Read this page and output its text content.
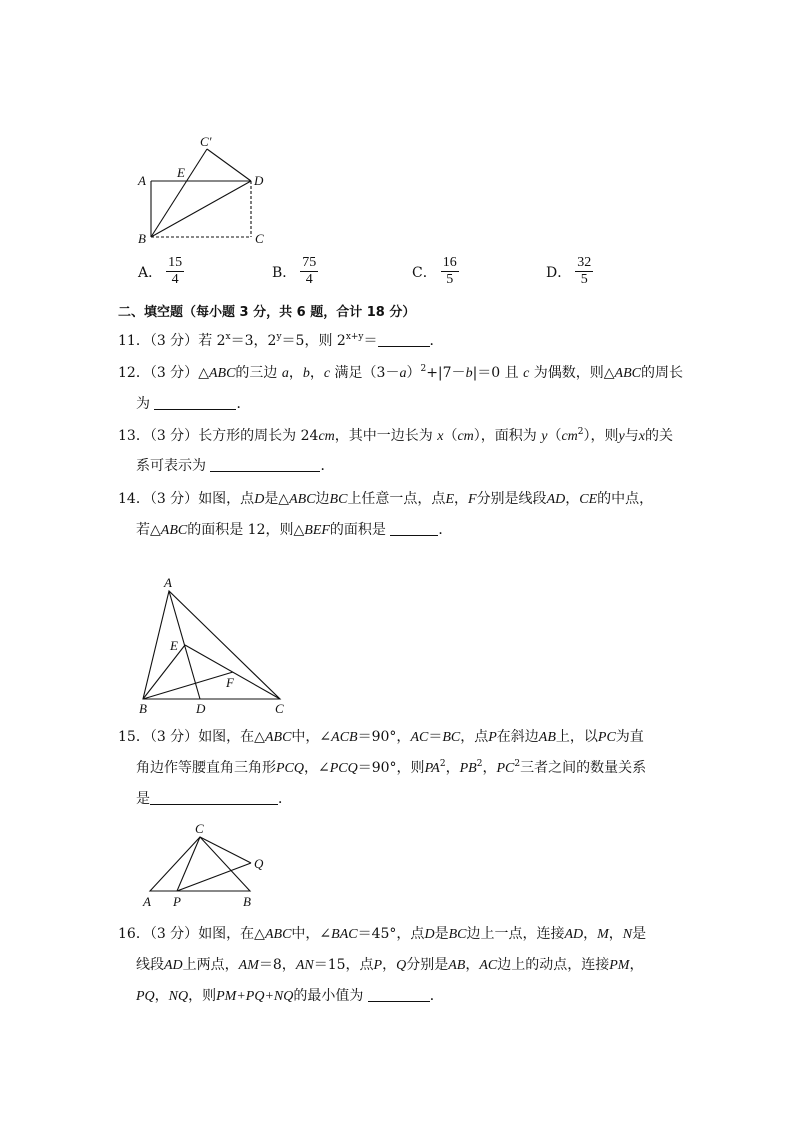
A
E
C′
D
B	C
A． $\frac{15}{4}$	B． $\frac{75}{4}$	C． $\frac{16}{5}$	D． $\frac{32}{5}$
二、填空题（每小题 3 分，共 6 题，合计 18 分）
11．（3 分）若 $2^x=3$，$2^y=5$，则 $2^{x+y}=$	．
12．（3 分）△ABC的三边 a，b，c 满足$(3-a)^2+|7-b|=0$ 且 c 为偶数，则△ABC的周长
为	．
13．（3 分）长方形的周长为 24cm，其中一边长为 x（cm），面积为 $y(cm^2)$，则y与x的关
系可表示为	．
14．（3 分）如图，点D是△ABC边BC上任意一点，点E，F分别是线段AD，CE的中点，
若△ABC的面积是 12，则△BEF的面积是	．
A
E
F
B	D	C
15．（3 分）如图，在△ABC中，∠ACB＝90°，AC＝BC，点P在斜边AB上，以PC为直
角边作等腰直角三角形PCQ，∠PCQ＝90°，则$PA^2$，$PB^2$，$PC^2$三者之间的数量关系
是	．
C
Q
A P	B
16．（3 分）如图，在△ABC中，∠BAC＝45°，点D是BC边上一点，连接AD，M，N是
线段AD上两点，AM＝8，AN＝15，点P，Q分别是AB，AC边上的动点，连接PM，
PQ，NQ，则PM+PQ+NQ的最小值为	．
